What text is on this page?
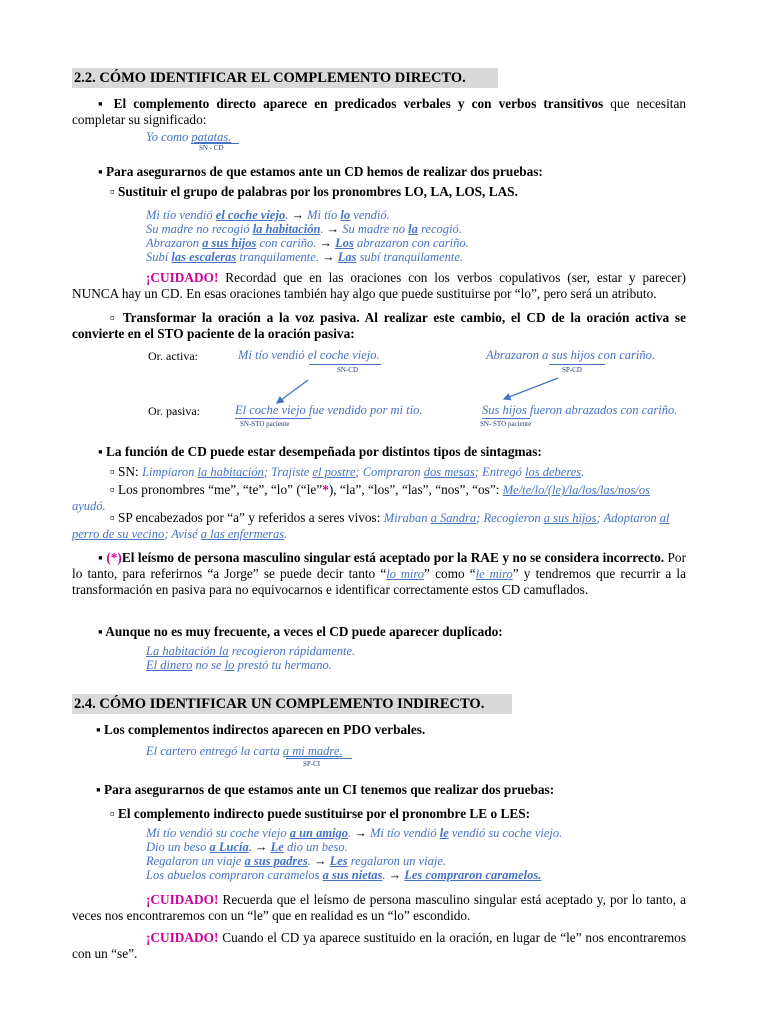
2.2. CÓMO IDENTIFICAR EL COMPLEMENTO DIRECTO.
▪ El complemento directo aparece en predicados verbales y con verbos transitivos que necesitan completar su significado:
Yo como patatas.
SN - CD
▪ Para asegurarnos de que estamos ante un CD hemos de realizar dos pruebas:
▫ Sustituir el grupo de palabras por los pronombres LO, LA, LOS, LAS.
Mi tío vendió el coche viejo. → Mi tío lo vendió.
Su madre no recogió la habitación. → Su madre no la recogió.
Abrazaron a sus hijos con cariño. → Los abrazaron con cariño.
Subí las escaleras tranquilamente. → Las subí tranquilamente.
¡CUIDADO! Recordad que en las oraciones con los verbos copulativos (ser, estar y parecer) NUNCA hay un CD. En esas oraciones también hay algo que puede sustituirse por “lo”, pero será un atributo.
▫ Transformar la oración a la voz pasiva. Al realizar este cambio, el CD de la oración activa se convierte en el STO paciente de la oración pasiva:
Or. activa:	Mi tío vendió el coche viejo.
SN-CD
Abrazaron a sus hijos con cariño.
SP-CD
Or. pasiva:	El coche viejo fue vendido por mi tío.
SN-STO paciente
Sus hijos fueron abrazados con cariño.
SN- STO paciente
▪ La función de CD puede estar desempeñada por distintos tipos de sintagmas:
▫ SN: Limpiaron la habitación; Trajiste el postre; Compraron dos mesas; Entregó los deberes.
▫ Los pronombres “me”, “te”, “lo” (“le”*), “la”, “los”, “las”, “nos”, “os”: Me/te/lo/(le)/la/los/las/nos/os ayudó.
▫ SP encabezados por “a” y referidos a seres vivos: Miraban a Sandra; Recogieron a sus hijos; Adoptaron al perro de su vecino; Avisé a las enfermeras.
▪ (*)El leísmo de persona masculino singular está aceptado por la RAE y no se considera incorrecto. Por lo tanto, para referirnos “a Jorge” se puede decir tanto “lo miro” como “le miro” y tendremos que recurrir a la transformación en pasiva para no equivocarnos e identificar correctamente estos CD camuflados.
▪ Aunque no es muy frecuente, a veces el CD puede aparecer duplicado:
La habitación la recogieron rápidamente.
El dinero no se lo prestó tu hermano.
2.4. CÓMO IDENTIFICAR UN COMPLEMENTO INDIRECTO.
▪ Los complementos indirectos aparecen en PDO verbales.
El cartero entregó la carta a mi madre.
SP-CI
▪ Para asegurarnos de que estamos ante un CI tenemos que realizar dos pruebas:
▫ El complemento indirecto puede sustituirse por el pronombre LE o LES:
Mi tío vendió su coche viejo a un amigo. → Mi tío vendió le vendió su coche viejo.
Dio un beso a Lucía. → Le dio un beso.
Regalaron un viaje a sus padres. → Les regalaron un viaje.
Los abuelos compraron caramelos a sus nietas. → Les compraron caramelos.
¡CUIDADO! Recuerda que el leísmo de persona masculino singular está aceptado y, por lo tanto, a veces nos encontraremos con un “le” que en realidad es un “lo” escondido.
¡CUIDADO! Cuando el CD ya aparece sustituido en la oración, en lugar de “le” nos encontraremos con un “se”.
